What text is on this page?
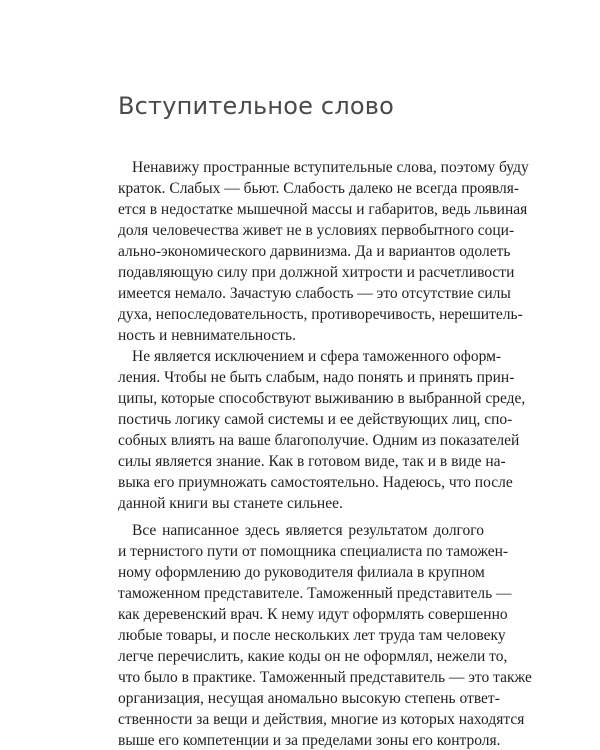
Вступительное слово
Ненавижу пространные вступительные слова, поэтому буду
краток. Слабых — бьют. Слабость далеко не всегда проявля-
ется в недостатке мышечной массы и габаритов, ведь львиная
доля человечества живет не в условиях первобытного соци-
ально-экономического дарвинизма. Да и вариантов одолеть
подавляющую силу при должной хитрости и расчетливости
имеется немало. Зачастую слабость — это отсутствие силы
духа, непоследовательность, противоречивость, нерешитель-
ность и невнимательность.
Не является исключением и сфера таможенного оформ-
ления. Чтобы не быть слабым, надо понять и принять прин-
ципы, которые способствуют выживанию в выбранной среде,
постичь логику самой системы и ее действующих лиц, спо-
собных влиять на ваше благополучие. Одним из показателей
силы является знание. Как в готовом виде, так и в виде на-
выка его приумножать самостоятельно. Надеюсь, что после
данной книги вы станете сильнее.
Все написанное здесь является результатом долгого
и тернистого пути от помощника специалиста по таможен-
ному оформлению до руководителя филиала в крупном
таможенном представителе. Таможенный представитель —
как деревенский врач. К нему идут оформлять совершенно
любые товары, и после нескольких лет труда там человеку
легче перечислить, какие коды он не оформлял, нежели то,
что было в практике. Таможенный представитель — это также
организация, несущая аномально высокую степень ответ-
ственности за вещи и действия, многие из которых находятся
выше его компетенции и за пределами зоны его контроля.
